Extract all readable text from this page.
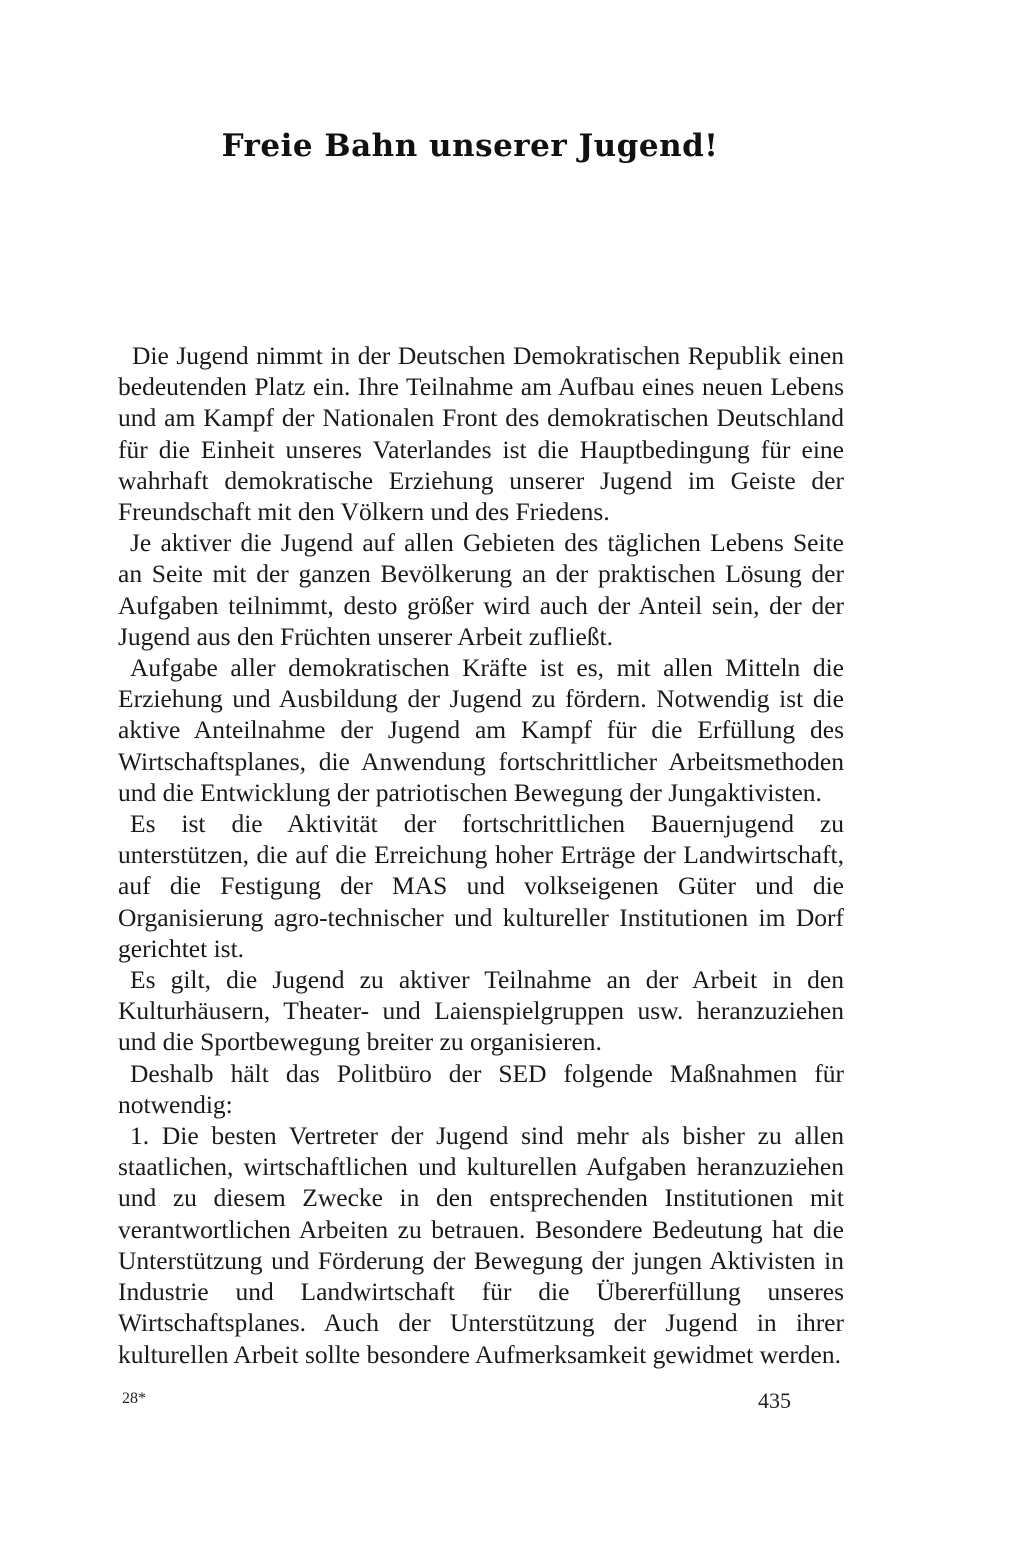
Freie Bahn unserer Jugend!

Die Jugend nimmt in der Deutschen Demokratischen Republik einen bedeutenden Platz ein. Ihre Teilnahme am Aufbau eines neuen Lebens und am Kampf der Nationalen Front des demokratischen Deutschland für die Einheit unseres Vaterlandes ist die Hauptbedingung für eine wahrhaft demokratische Erziehung unserer Jugend im Geiste der Freundschaft mit den Völkern und des Friedens.

Je aktiver die Jugend auf allen Gebieten des täglichen Lebens Seite an Seite mit der ganzen Bevölkerung an der praktischen Lösung der Aufgaben teilnimmt, desto größer wird auch der Anteil sein, der der Jugend aus den Früchten unserer Arbeit zufließt.

Aufgabe aller demokratischen Kräfte ist es, mit allen Mitteln die Erziehung und Ausbildung der Jugend zu fördern. Notwendig ist die aktive Anteilnahme der Jugend am Kampf für die Erfüllung des Wirtschaftsplanes, die Anwendung fortschrittlicher Arbeitsmethoden und die Entwicklung der patriotischen Bewegung der Jungaktivisten.

Es ist die Aktivität der fortschrittlichen Bauernjugend zu unterstützen, die auf die Erreichung hoher Erträge der Landwirtschaft, auf die Festigung der MAS und volkseigenen Güter und die Organisierung agro-technischer und kultureller Institutionen im Dorf gerichtet ist.

Es gilt, die Jugend zu aktiver Teilnahme an der Arbeit in den Kulturhäusern, Theater- und Laienspielgruppen usw. heranzuziehen und die Sportbewegung breiter zu organisieren.

Deshalb hält das Politbüro der SED folgende Maßnahmen für notwendig:

1. Die besten Vertreter der Jugend sind mehr als bisher zu allen staatlichen, wirtschaftlichen und kulturellen Aufgaben heranzuziehen und zu diesem Zwecke in den entsprechenden Institutionen mit verantwortlichen Arbeiten zu betrauen. Besondere Bedeutung hat die Unterstützung und Förderung der Bewegung der jungen Aktivisten in Industrie und Landwirtschaft für die Übererfüllung unseres Wirtschaftsplanes. Auch der Unterstützung der Jugend in ihrer kulturellen Arbeit sollte besondere Aufmerksamkeit gewidmet werden.

28*	435
